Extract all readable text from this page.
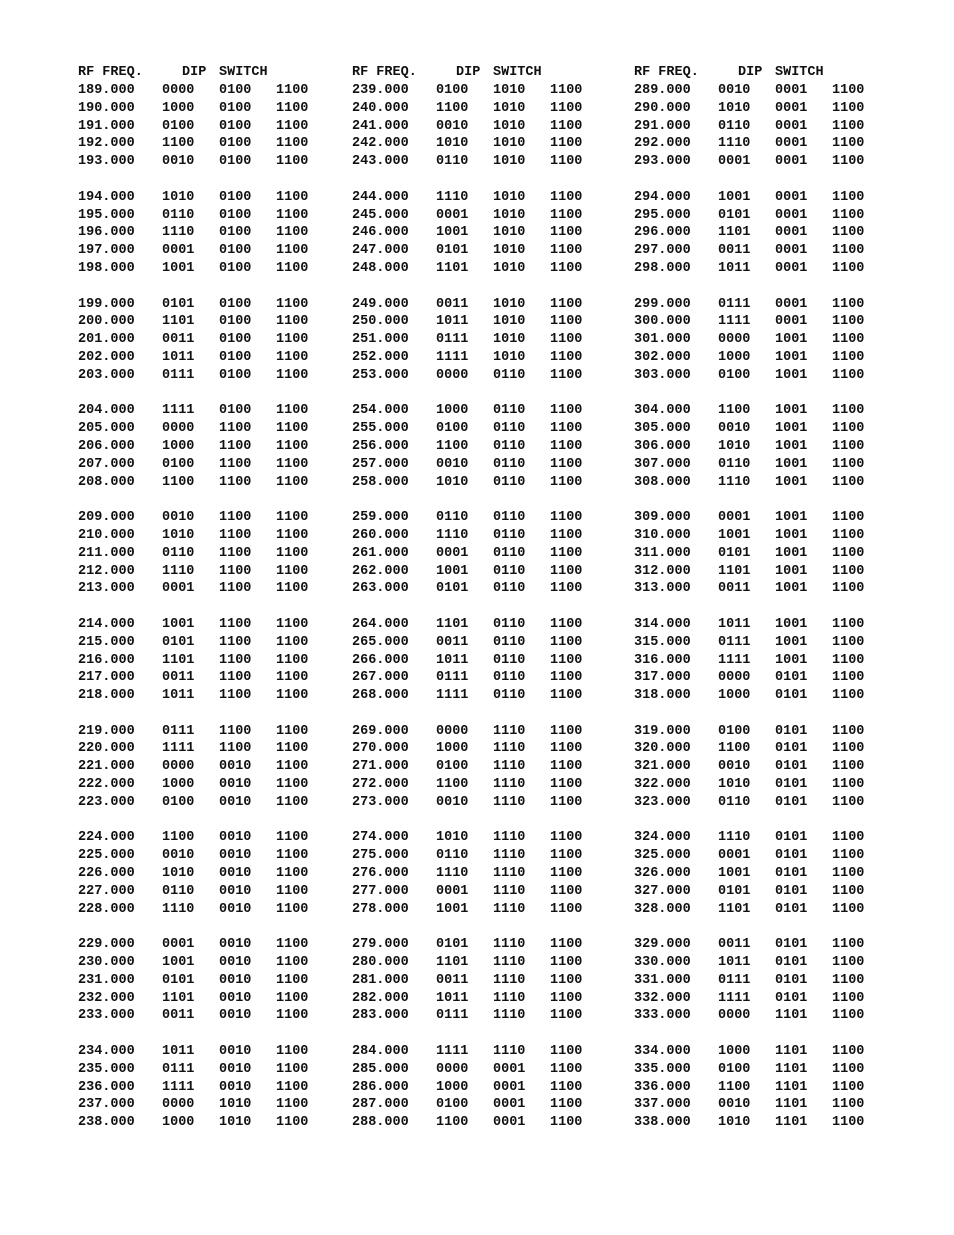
RF FREQ.	DIP SWITCH
189.000 0000 0100 1100
190.000 1000 0100 1100
191.000 0100 0100 1100
192.000 1100 0100 1100
193.000 0010 0100 1100
194.000 1010 0100 1100
195.000 0110 0100 1100
196.000 1110 0100 1100
197.000 0001 0100 1100
198.000 1001 0100 1100
199.000 0101 0100 1100
200.000 1101 0100 1100
201.000 0011 0100 1100
202.000 1011 0100 1100
203.000 0111 0100 1100
204.000 1111 0100 1100
205.000 0000 1100 1100
206.000 1000 1100 1100
207.000 0100 1100 1100
208.000 1100 1100 1100
209.000 0010 1100 1100
210.000 1010 1100 1100
211.000 0110 1100 1100
212.000 1110 1100 1100
213.000 0001 1100 1100
214.000 1001 1100 1100
215.000 0101 1100 1100
216.000 1101 1100 1100
217.000 0011 1100 1100
218.000 1011 1100 1100
219.000 0111 1100 1100
220.000 1111 1100 1100
221.000 0000 0010 1100
222.000 1000 0010 1100
223.000 0100 0010 1100
224.000 1100 0010 1100
225.000 0010 0010 1100
226.000 1010 0010 1100
227.000 0110 0010 1100
228.000 1110 0010 1100
229.000 0001 0010 1100
230.000 1001 0010 1100
231.000 0101 0010 1100
232.000 1101 0010 1100
233.000 0011 0010 1100
234.000 1011 0010 1100
235.000 0111 0010 1100
236.000 1111 0010 1100
237.000 0000 1010 1100
238.000 1000 1010 1100
RF FREQ.	DIP SWITCH
239.000 0100 1010 1100
240.000 1100 1010 1100
241.000 0010 1010 1100
242.000 1010 1010 1100
243.000 0110 1010 1100
244.000 1110 1010 1100
245.000 0001 1010 1100
246.000 1001 1010 1100
247.000 0101 1010 1100
248.000 1101 1010 1100
249.000 0011 1010 1100
250.000 1011 1010 1100
251.000 0111 1010 1100
252.000 1111 1010 1100
253.000 0000 0110 1100
254.000 1000 0110 1100
255.000 0100 0110 1100
256.000 1100 0110 1100
257.000 0010 0110 1100
258.000 1010 0110 1100
259.000 0110 0110 1100
260.000 1110 0110 1100
261.000 0001 0110 1100
262.000 1001 0110 1100
263.000 0101 0110 1100
264.000 1101 0110 1100
265.000 0011 0110 1100
266.000 1011 0110 1100
267.000 0111 0110 1100
268.000 1111 0110 1100
269.000 0000 1110 1100
270.000 1000 1110 1100
271.000 0100 1110 1100
272.000 1100 1110 1100
273.000 0010 1110 1100
274.000 1010 1110 1100
275.000 0110 1110 1100
276.000 1110 1110 1100
277.000 0001 1110 1100
278.000 1001 1110 1100
279.000 0101 1110 1100
280.000 1101 1110 1100
281.000 0011 1110 1100
282.000 1011 1110 1100
283.000 0111 1110 1100
284.000 1111 1110 1100
285.000 0000 0001 1100
286.000 1000 0001 1100
287.000 0100 0001 1100
288.000 1100 0001 1100
RF FREQ.	DIP SWITCH
289.000 0010 0001 1100
290.000 1010 0001 1100
291.000 0110 0001 1100
292.000 1110 0001 1100
293.000 0001 0001 1100
294.000 1001 0001 1100
295.000 0101 0001 1100
296.000 1101 0001 1100
297.000 0011 0001 1100
298.000 1011 0001 1100
299.000 0111 0001 1100
300.000 1111 0001 1100
301.000 0000 1001 1100
302.000 1000 1001 1100
303.000 0100 1001 1100
304.000 1100 1001 1100
305.000 0010 1001 1100
306.000 1010 1001 1100
307.000 0110 1001 1100
308.000 1110 1001 1100
309.000 0001 1001 1100
310.000 1001 1001 1100
311.000 0101 1001 1100
312.000 1101 1001 1100
313.000 0011 1001 1100
314.000 1011 1001 1100
315.000 0111 1001 1100
316.000 1111 1001 1100
317.000 0000 0101 1100
318.000 1000 0101 1100
319.000 0100 0101 1100
320.000 1100 0101 1100
321.000 0010 0101 1100
322.000 1010 0101 1100
323.000 0110 0101 1100
324.000 1110 0101 1100
325.000 0001 0101 1100
326.000 1001 0101 1100
327.000 0101 0101 1100
328.000 1101 0101 1100
329.000 0011 0101 1100
330.000 1011 0101 1100
331.000 0111 0101 1100
332.000 1111 0101 1100
333.000 0000 1101 1100
334.000 1000 1101 1100
335.000 0100 1101 1100
336.000 1100 1101 1100
337.000 0010 1101 1100
338.000 1010 1101 1100
